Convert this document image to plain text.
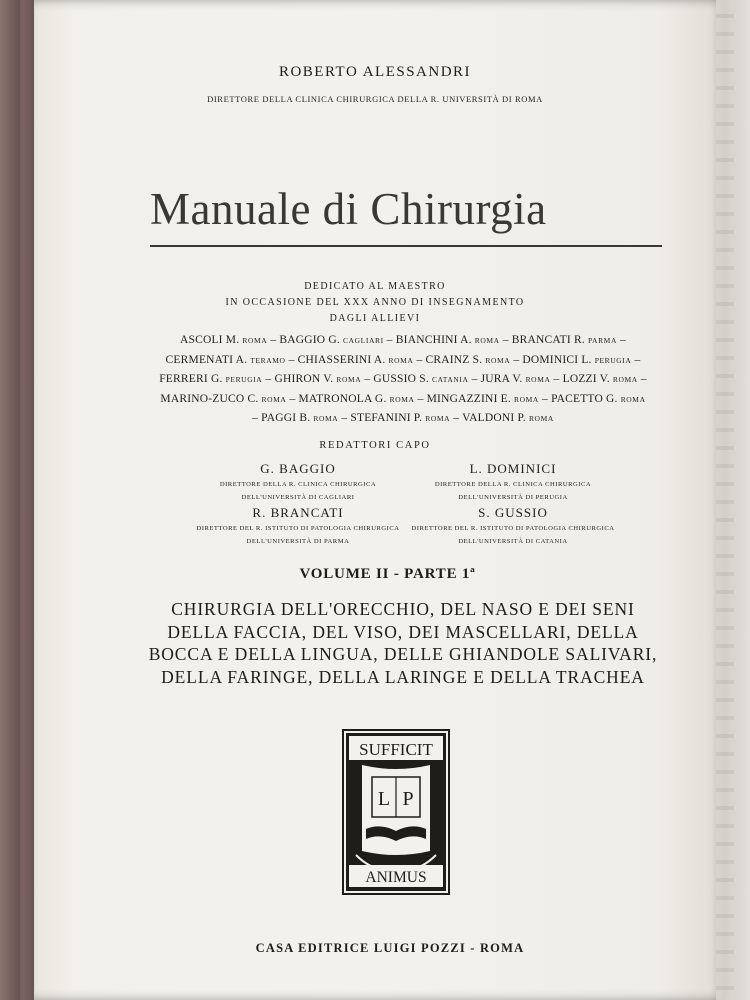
ROBERTO ALESSANDRI
DIRETTORE DELLA CLINICA CHIRURGICA DELLA R. UNIVERSITÀ DI ROMA
Manuale di Chirurgia
DEDICATO AL MAESTRO
IN OCCASIONE DEL XXX ANNO DI INSEGNAMENTO
DAGLI ALLIEVI
ASCOLI M. ROMA – BAGGIO G. CAGLIARI – BIANCHINI A. ROMA – BRANCATI R. PARMA – CERMENATI A. TERAMO – CHIASSERINI A. ROMA – CRAINZ S. ROMA – DOMINICI L. PERUGIA – FERRERI G. PERUGIA – GHIRON V. ROMA – GUSSIO S. CATANIA – JURA V. ROMA – LOZZI V. ROMA – MARINO-ZUCO C. ROMA – MATRONOLA G. ROMA – MINGAZZINI E. ROMA – PACETTO G. ROMA – PAGGI B. ROMA – STEFANINI P. ROMA – VALDONI P. ROMA
REDATTORI CAPO
G. BAGGIO
DIRETTORE DELLA R. CLINICA CHIRURGICA
DELL'UNIVERSITÀ DI CAGLIARI
L. DOMINICI
DIRETTORE DELLA R. CLINICA CHIRURGICA
DELL'UNIVERSITÀ DI PERUGIA
R. BRANCATI
DIRETTORE DEL R. ISTITUTO DI PATOLOGIA CHIRURGICA
DELL'UNIVERSITÀ DI PARMA
S. GUSSIO
DIRETTORE DEL R. ISTITUTO DI PATOLOGIA CHIRURGICA
DELL'UNIVERSITÀ DI CATANIA
VOLUME II - PARTE 1ª
CHIRURGIA DELL'ORECCHIO, DEL NASO E DEI SENI
DELLA FACCIA, DEL VISO, DEI MASCELLARI, DELLA
BOCCA E DELLA LINGUA, DELLE GHIANDOLE SALIVARI,
DELLA FARINGE, DELLA LARINGE E DELLA TRACHEA
SUFFICIT
L P
ANIMUS
CASA EDITRICE LUIGI POZZI - ROMA
